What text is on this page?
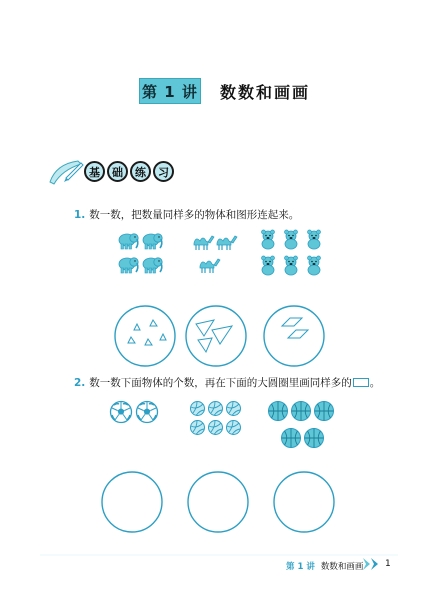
第 1 讲 数数和画画
基	础	练	习
1. 数一数，把数量同样多的物体和图形连起来。
2. 数一数下面物体的个数，再在下面的大圆圈里画同样多的 。
第 1 讲 数数和画画 1
